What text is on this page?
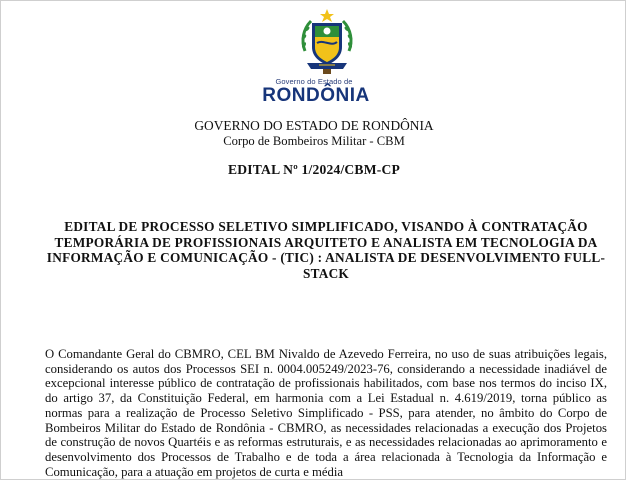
Governo do Estado de
RONDÔNIA
GOVERNO DO ESTADO DE RONDÔNIA
Corpo de Bombeiros Militar - CBM
EDITAL Nº 1/2024/CBM-CP
EDITAL DE PROCESSO SELETIVO SIMPLIFICADO, VISANDO À CONTRATAÇÃO TEMPORÁRIA DE PROFISSIONAIS ARQUITETO E ANALISTA EM TECNOLOGIA DA INFORMAÇÃO E COMUNICAÇÃO - (TIC) : ANALISTA DE DESENVOLVIMENTO FULL-STACK
O Comandante Geral do CBMRO, CEL BM Nivaldo de Azevedo Ferreira, no uso de suas atribuições legais, considerando os autos dos Processos SEI n. 0004.005249/2023-76, considerando a necessidade inadiável de excepcional interesse público de contratação de profissionais habilitados, com base nos termos do inciso IX, do artigo 37, da Constituição Federal, em harmonia com a Lei Estadual n. 4.619/2019, torna público as normas para a realização de Processo Seletivo Simplificado - PSS, para atender, no âmbito do Corpo de Bombeiros Militar do Estado de Rondônia - CBMRO, as necessidades relacionadas a execução dos Projetos de construção de novos Quartéis e as reformas estruturais, e as necessidades relacionadas ao aprimoramento e desenvolvimento dos Processos de Trabalho e de toda a área relacionada à Tecnologia da Informação e Comunicação, para a atuação em projetos de curta e média
